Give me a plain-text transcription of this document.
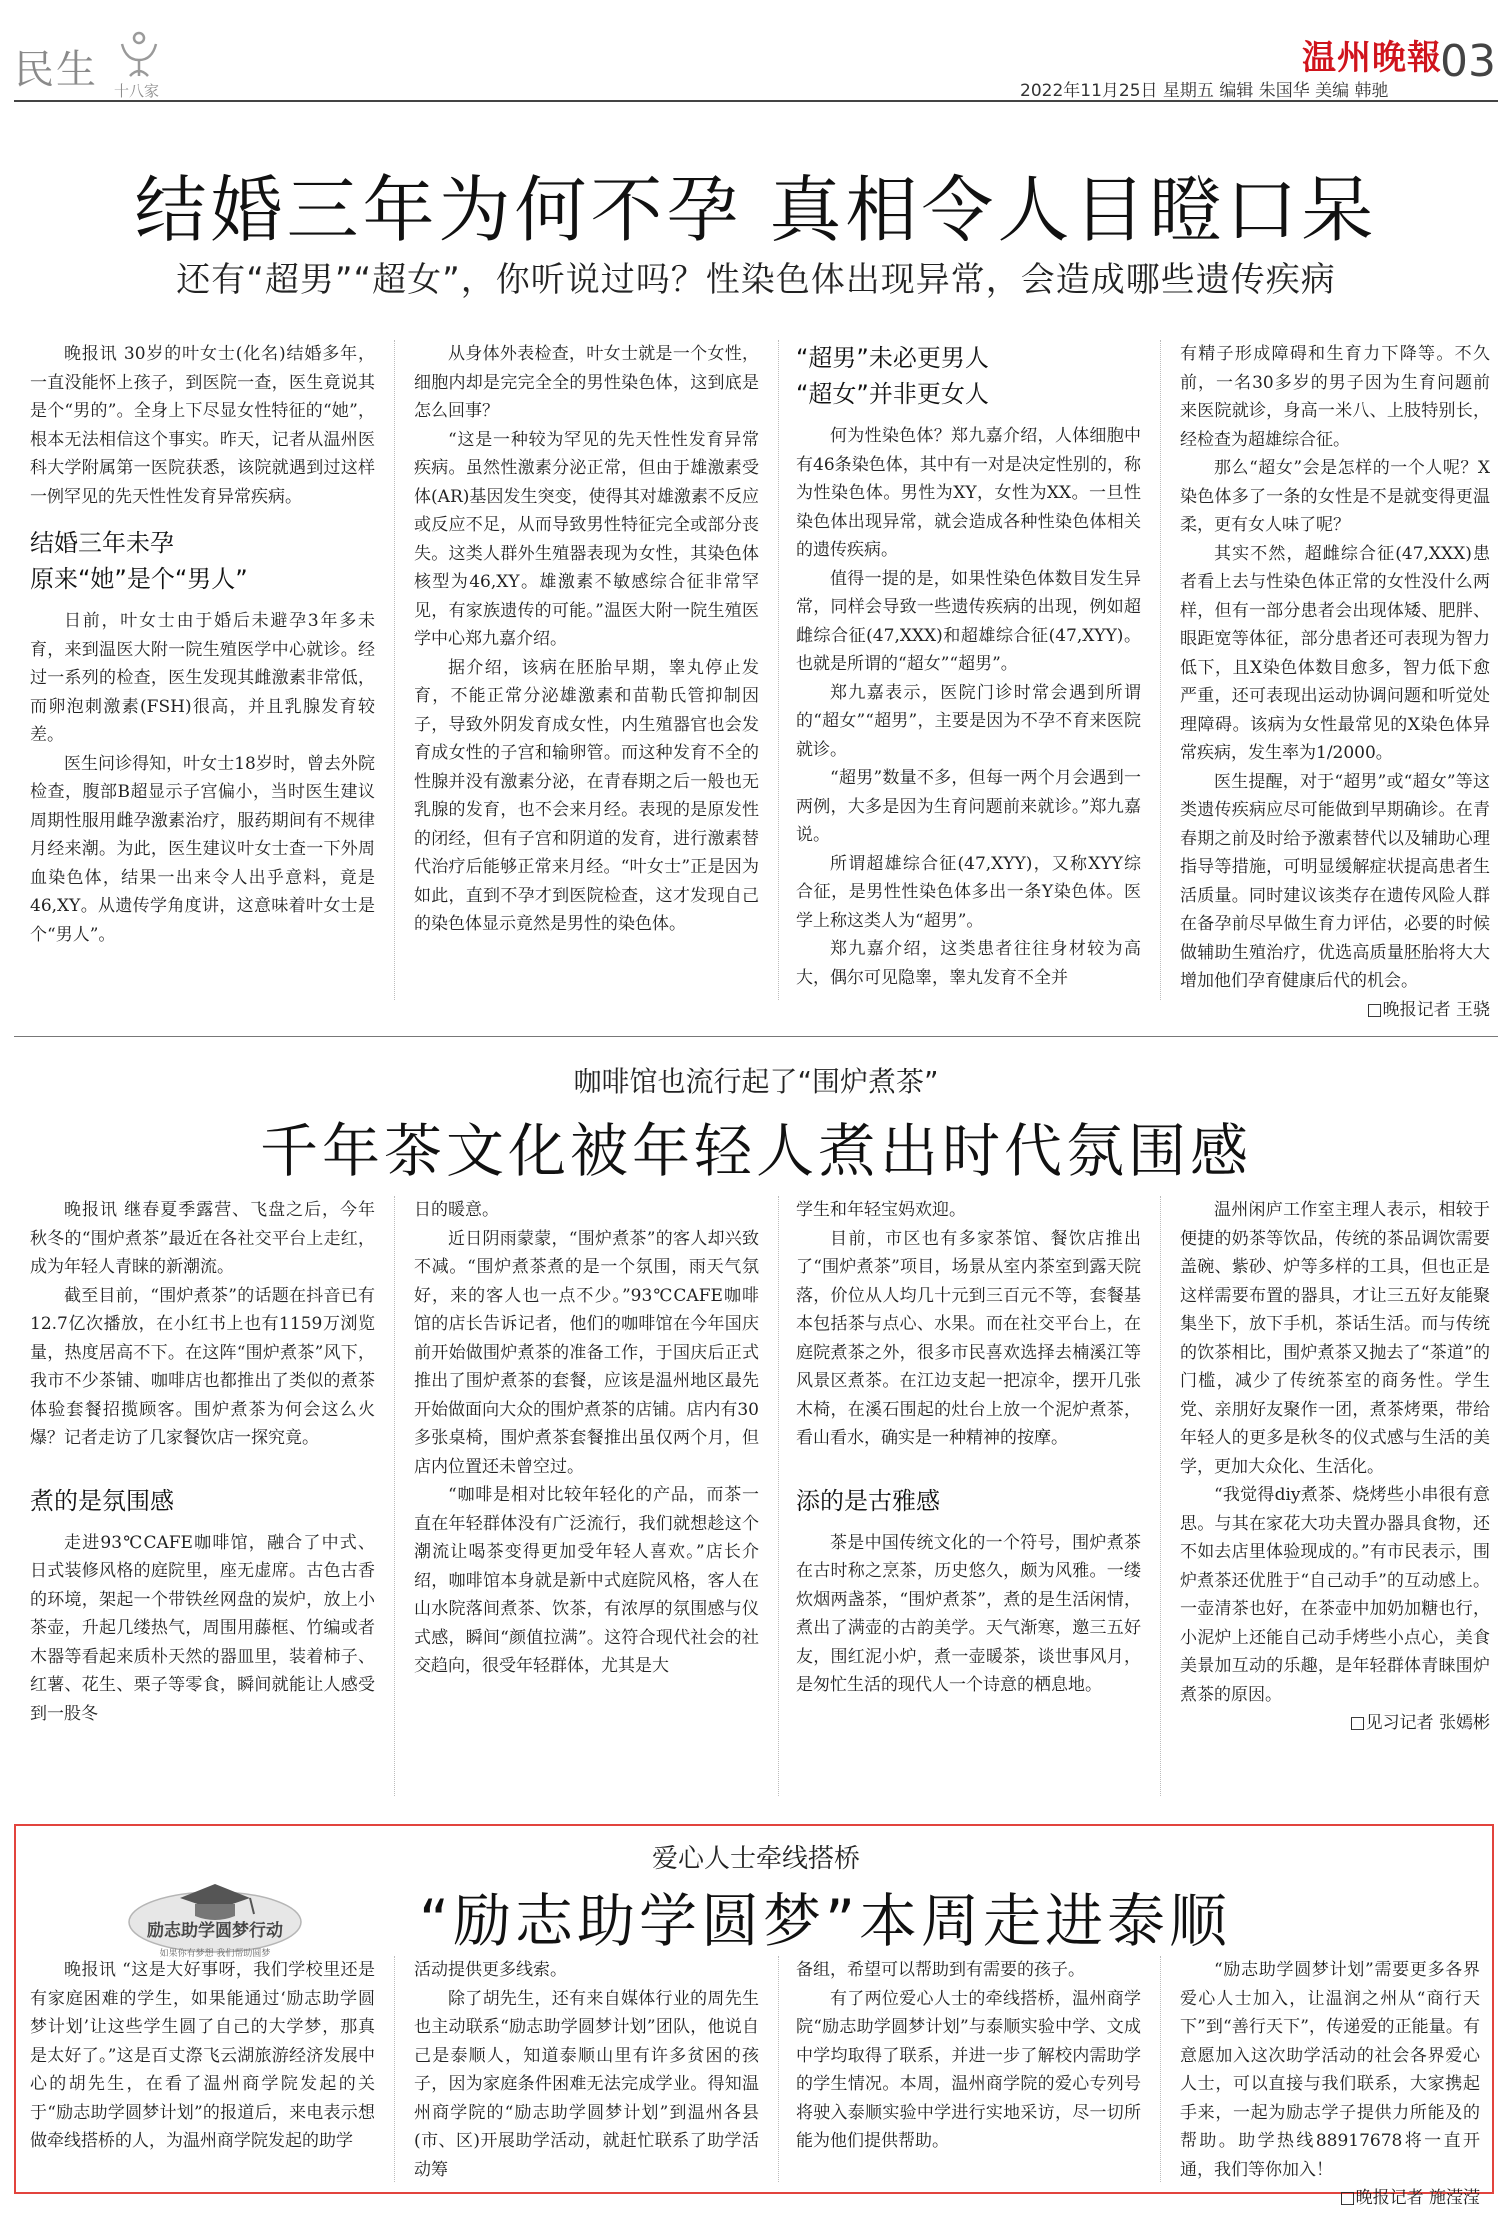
民生 十八家
温州晚報
03
2022年11月25日 星期五 编辑 朱国华 美编 韩驰
结婚三年为何不孕 真相令人目瞪口呆
还有“超男”“超女”，你听说过吗？性染色体出现异常，会造成哪些遗传疾病

晚报讯 30岁的叶女士(化名)结婚多年，一直没能怀上孩子，到医院一查，医生竟说其是个“男的”。全身上下尽显女性特征的“她”，根本无法相信这个事实。昨天，记者从温州医科大学附属第一医院获悉，该院就遇到过这样一例罕见的先天性性发育异常疾病。

结婚三年未孕
原来“她”是个“男人”

日前，叶女士由于婚后未避孕3年多未育，来到温医大附一院生殖医学中心就诊。经过一系列的检查，医生发现其雌激素非常低，而卵泡刺激素(FSH)很高，并且乳腺发育较差。

医生问诊得知，叶女士18岁时，曾去外院检查，腹部B超显示子宫偏小，当时医生建议周期性服用雌孕激素治疗，服药期间有不规律月经来潮。为此，医生建议叶女士查一下外周血染色体，结果一出来令人出乎意料，竟是46,XY。从遗传学角度讲，这意味着叶女士是个“男人”。

从身体外表检查，叶女士就是一个女性，细胞内却是完完全全的男性染色体，这到底是怎么回事？

“这是一种较为罕见的先天性性发育异常疾病。虽然性激素分泌正常，但由于雄激素受体(AR)基因发生突变，使得其对雄激素不反应或反应不足，从而导致男性特征完全或部分丧失。这类人群外生殖器表现为女性，其染色体核型为46,XY。雄激素不敏感综合征非常罕见，有家族遗传的可能。”温医大附一院生殖医学中心郑九嘉介绍。

据介绍，该病在胚胎早期，睾丸停止发育，不能正常分泌雄激素和苗勒氏管抑制因子，导致外阴发育成女性，内生殖器官也会发育成女性的子宫和输卵管。而这种发育不全的性腺并没有激素分泌，在青春期之后一般也无乳腺的发育，也不会来月经。表现的是原发性的闭经，但有子宫和阴道的发育，进行激素替代治疗后能够正常来月经。“叶女士”正是因为如此，直到不孕才到医院检查，这才发现自己的染色体显示竟然是男性的染色体。

“超男”未必更男人
“超女”并非更女人

何为性染色体？郑九嘉介绍，人体细胞中有46条染色体，其中有一对是决定性别的，称为性染色体。男性为XY，女性为XX。一旦性染色体出现异常，就会造成各种性染色体相关的遗传疾病。

值得一提的是，如果性染色体数目发生异常，同样会导致一些遗传疾病的出现，例如超雌综合征(47,XXX)和超雄综合征(47,XYY)。也就是所谓的“超女”“超男”。

郑九嘉表示，医院门诊时常会遇到所谓的“超女”“超男”，主要是因为不孕不育来医院就诊。

“超男”数量不多，但每一两个月会遇到一两例，大多是因为生育问题前来就诊。”郑九嘉说。

所谓超雄综合征(47,XYY)，又称XYY综合征，是男性性染色体多出一条Y染色体。医学上称这类人为“超男”。

郑九嘉介绍，这类患者往往身材较为高大，偶尔可见隐睾，睾丸发育不全并

有精子形成障碍和生育力下降等。不久前，一名30多岁的男子因为生育问题前来医院就诊，身高一米八、上肢特别长，经检查为超雄综合征。

那么“超女”会是怎样的一个人呢？X染色体多了一条的女性是不是就变得更温柔，更有女人味了呢？

其实不然，超雌综合征(47,XXX)患者看上去与性染色体正常的女性没什么两样，但有一部分患者会出现体矮、肥胖、眼距宽等体征，部分患者还可表现为智力低下，且X染色体数目愈多，智力低下愈严重，还可表现出运动协调问题和听觉处理障碍。该病为女性最常见的X染色体异常疾病，发生率为1/2000。

医生提醒，对于“超男”或“超女”等这类遗传疾病应尽可能做到早期确诊。在青春期之前及时给予激素替代以及辅助心理指导等措施，可明显缓解症状提高患者生活质量。同时建议该类存在遗传风险人群在备孕前尽早做生育力评估，必要的时候做辅助生殖治疗，优选高质量胚胎将大大增加他们孕育健康后代的机会。

□晚报记者 王骁

咖啡馆也流行起了“围炉煮茶”
千年茶文化被年轻人煮出时代氛围感

晚报讯 继春夏季露营、飞盘之后，今年秋冬的“围炉煮茶”最近在各社交平台上走红，成为年轻人青睐的新潮流。

截至目前，“围炉煮茶”的话题在抖音已有12.7亿次播放，在小红书上也有1159万浏览量，热度居高不下。在这阵“围炉煮茶”风下，我市不少茶铺、咖啡店也都推出了类似的煮茶体验套餐招揽顾客。围炉煮茶为何会这么火爆？记者走访了几家餐饮店一探究竟。

煮的是氛围感

走进93℃CAFE咖啡馆，融合了中式、日式装修风格的庭院里，座无虚席。古色古香的环境，架起一个带铁丝网盘的炭炉，放上小茶壶，升起几缕热气，周围用藤框、竹编或者木器等看起来质朴天然的器皿里，装着柿子、红薯、花生、栗子等零食，瞬间就能让人感受到一股冬

日的暖意。

近日阴雨蒙蒙，“围炉煮茶”的客人却兴致不减。“围炉煮茶煮的是一个氛围，雨天气氛好，来的客人也一点不少。”93℃CAFE咖啡馆的店长告诉记者，他们的咖啡馆在今年国庆前开始做围炉煮茶的准备工作，于国庆后正式推出了围炉煮茶的套餐，应该是温州地区最先开始做面向大众的围炉煮茶的店铺。店内有30多张桌椅，围炉煮茶套餐推出虽仅两个月，但店内位置还未曾空过。

“咖啡是相对比较年轻化的产品，而茶一直在年轻群体没有广泛流行，我们就想趁这个潮流让喝茶变得更加受年轻人喜欢。”店长介绍，咖啡馆本身就是新中式庭院风格，客人在山水院落间煮茶、饮茶，有浓厚的氛围感与仪式感，瞬间“颜值拉满”。这符合现代社会的社交趋向，很受年轻群体，尤其是大

学生和年轻宝妈欢迎。

目前，市区也有多家茶馆、餐饮店推出了“围炉煮茶”项目，场景从室内茶室到露天院落，价位从人均几十元到三百元不等，套餐基本包括茶与点心、水果。而在社交平台上，在庭院煮茶之外，很多市民喜欢选择去楠溪江等风景区煮茶。在江边支起一把凉伞，摆开几张木椅，在溪石围起的灶台上放一个泥炉煮茶，看山看水，确实是一种精神的按摩。

添的是古雅感

茶是中国传统文化的一个符号，围炉煮茶在古时称之烹茶，历史悠久，颇为风雅。一缕炊烟两盏茶，“围炉煮茶”，煮的是生活闲情，煮出了满壶的古韵美学。天气渐寒，邀三五好友，围红泥小炉，煮一壶暖茶，谈世事风月，是匆忙生活的现代人一个诗意的栖息地。

温州闲庐工作室主理人表示，相较于便捷的奶茶等饮品，传统的茶品调饮需要盖碗、紫砂、炉等多样的工具，但也正是这样需要布置的器具，才让三五好友能聚集坐下，放下手机，茶话生活。而与传统的饮茶相比，围炉煮茶又抛去了“茶道”的门槛，减少了传统茶室的商务性。学生党、亲朋好友聚作一团，煮茶烤栗，带给年轻人的更多是秋冬的仪式感与生活的美学，更加大众化、生活化。

“我觉得diy煮茶、烧烤些小串很有意思。与其在家花大功夫置办器具食物，还不如去店里体验现成的。”有市民表示，围炉煮茶还优胜于“自己动手”的互动感上。一壶清茶也好，在茶壶中加奶加糖也行，小泥炉上还能自己动手烤些小点心，美食美景加互动的乐趣，是年轻群体青睐围炉煮茶的原因。

□见习记者 张嫣彬

励志助学圆梦行动
如果你有梦想 我们帮助圆梦
爱心人士牵线搭桥
“励志助学圆梦”本周走进泰顺

晚报讯 “这是大好事呀，我们学校里还是有家庭困难的学生，如果能通过‘励志助学圆梦计划’让这些学生圆了自己的大学梦，那真是太好了。”这是百丈漈飞云湖旅游经济发展中心的胡先生，在看了温州商学院发起的关于“励志助学圆梦计划”的报道后，来电表示想做牵线搭桥的人，为温州商学院发起的助学

活动提供更多线索。

除了胡先生，还有来自媒体行业的周先生也主动联系“励志助学圆梦计划”团队，他说自己是泰顺人，知道泰顺山里有许多贫困的孩子，因为家庭条件困难无法完成学业。得知温州商学院的“励志助学圆梦计划”到温州各县(市、区)开展助学活动，就赶忙联系了助学活动筹

备组，希望可以帮助到有需要的孩子。

有了两位爱心人士的牵线搭桥，温州商学院“励志助学圆梦计划”与泰顺实验中学、文成中学均取得了联系，并进一步了解校内需助学的学生情况。本周，温州商学院的爱心专列号将驶入泰顺实验中学进行实地采访，尽一切所能为他们提供帮助。

“励志助学圆梦计划”需要更多各界爱心人士加入，让温润之州从“商行天下”到“善行天下”，传递爱的正能量。有意愿加入这次助学活动的社会各界爱心人士，可以直接与我们联系，大家携起手来，一起为励志学子提供力所能及的帮助。助学热线88917678将一直开通，我们等你加入！

□晚报记者 施滢滢
